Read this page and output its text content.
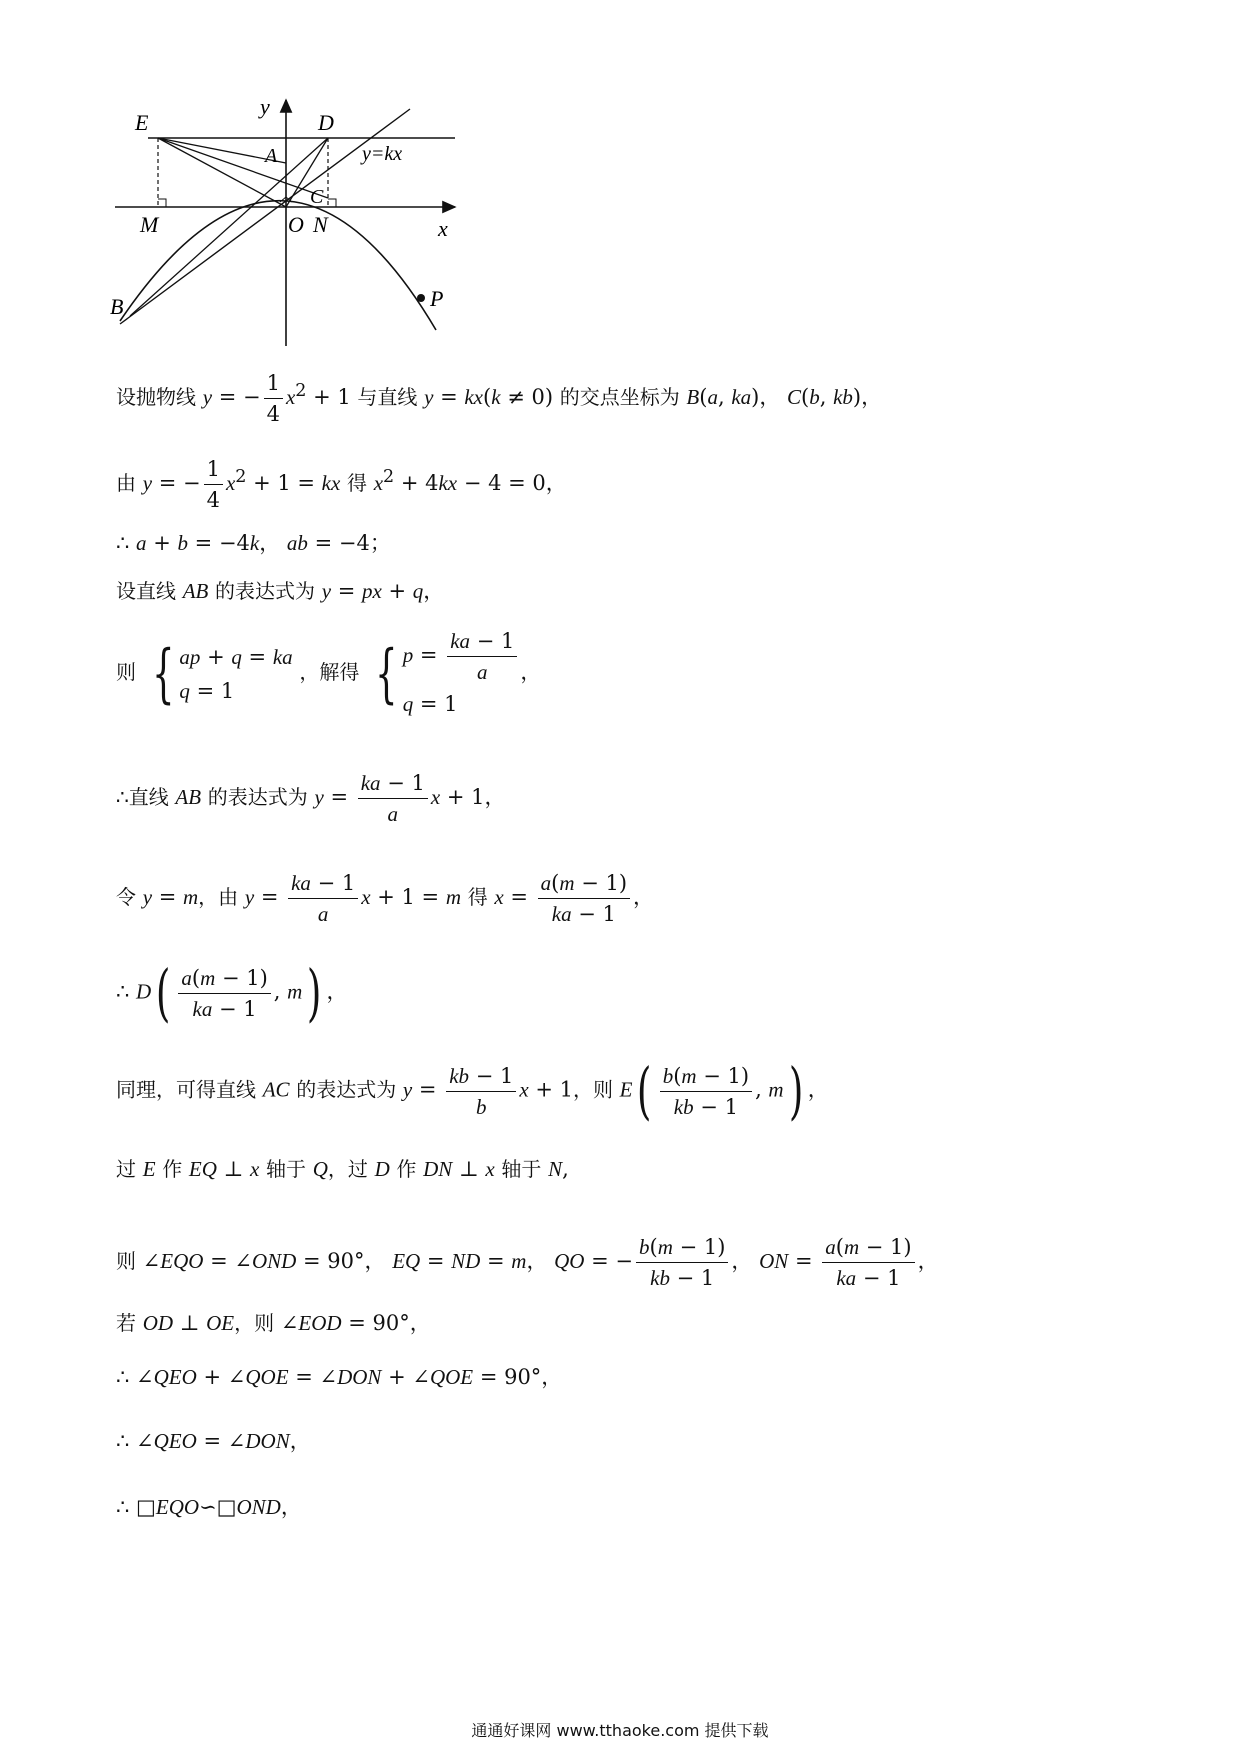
E	D
A
C
y
x
M	O N
B	P
y=kx
设抛物线 y = − $\frac{1}{4} x^2 + 1$ 与直线 y = kx(k ≠ 0) 的交点坐标为 B(a, ka)， C(b, kb)，
由 y = − $\frac{1}{4} x^2 + 1$ = kx 得 $x^2 + 4kx - 4 = 0$，
∴ a + b = −4k， ab = −4；
设直线 AB 的表达式为 y = px + q，
则 { ap + q = ka
q = 1
，解得 { $p = \frac{ka - 1}{a}$
q = 1
，
∴直线 AB 的表达式为 $y = \frac{ka - 1}{a}$ x + 1，
令 y = m，由 $y = \frac{ka - 1}{a}$ x + 1 = m 得 $x = \frac{a(m - 1)}{ka - 1}$ ，
∴ $D( \frac{a(m - 1)}{ka - 1}$ , m) ，
同理，可得直线 AC 的表达式为 $y = \frac{kb - 1}{b}$ x + 1，则 $E( \frac{b(m - 1)}{kb - 1}$ , m) ，
过 E 作 EQ ⊥ x 轴于 Q，过 D 作 DN ⊥ x 轴于 N,
则 ∠EQO = ∠OND = 90°， EQ = ND = m， QO = − $\frac{b(m - 1)}{kb - 1}$ ， ON = $\frac{a(m - 1)}{ka - 1}$ ，
若 OD ⊥ OE，则 ∠EOD = 90°，
∴ ∠QEO + ∠QOE = ∠DON + ∠QOE = 90°，
∴ ∠QEO = ∠DON，
∴ □EQO∽□OND，
通通好课网 www.tthaoke.com 提供下载
